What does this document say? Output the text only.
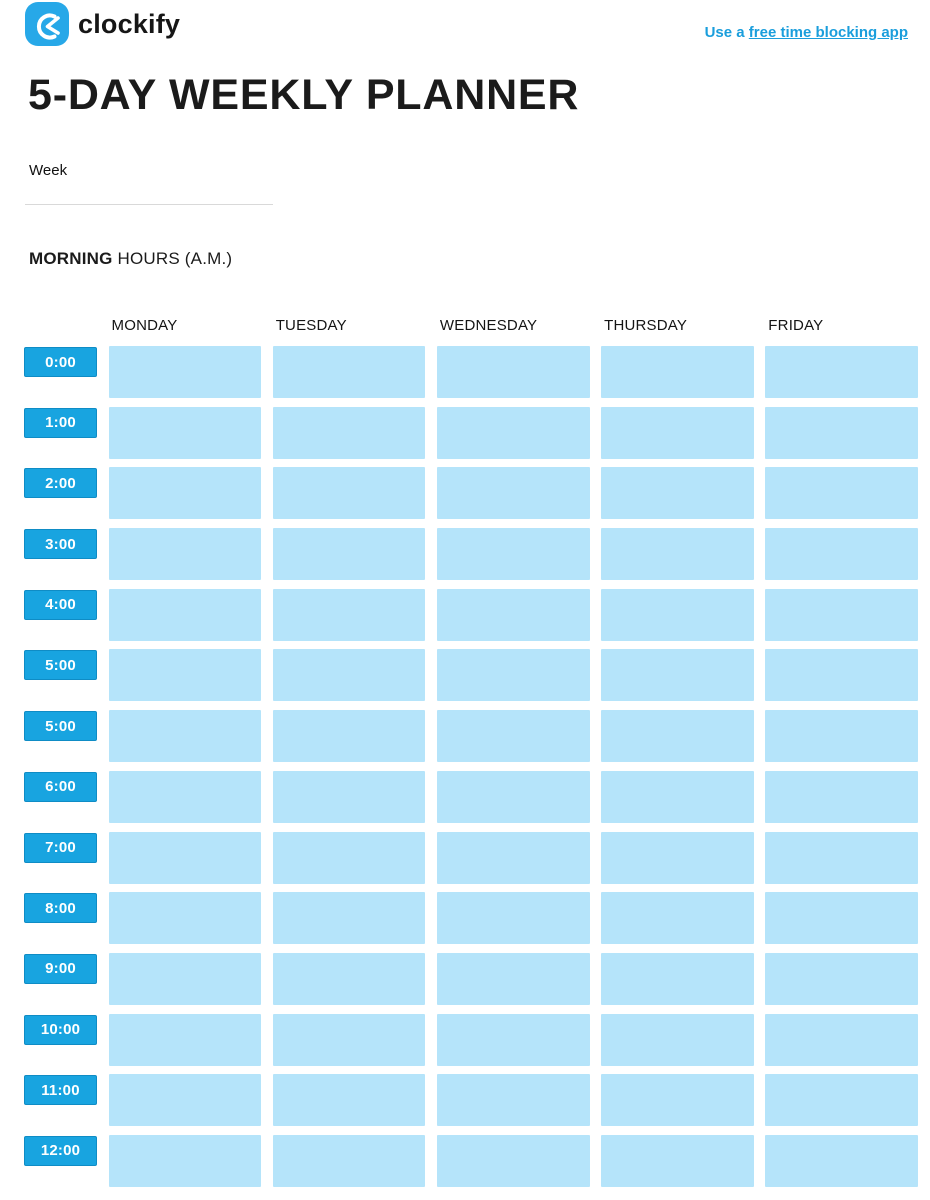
clockify	Use a free time blocking app
5-DAY WEEKLY PLANNER
Week
MORNING HOURS (A.M.)
MONDAY	TUESDAY	WEDNESDAY	THURSDAY	FRIDAY
0:00
1:00
2:00
3:00
4:00
5:00
5:00
6:00
7:00
8:00
9:00
10:00
11:00
12:00
